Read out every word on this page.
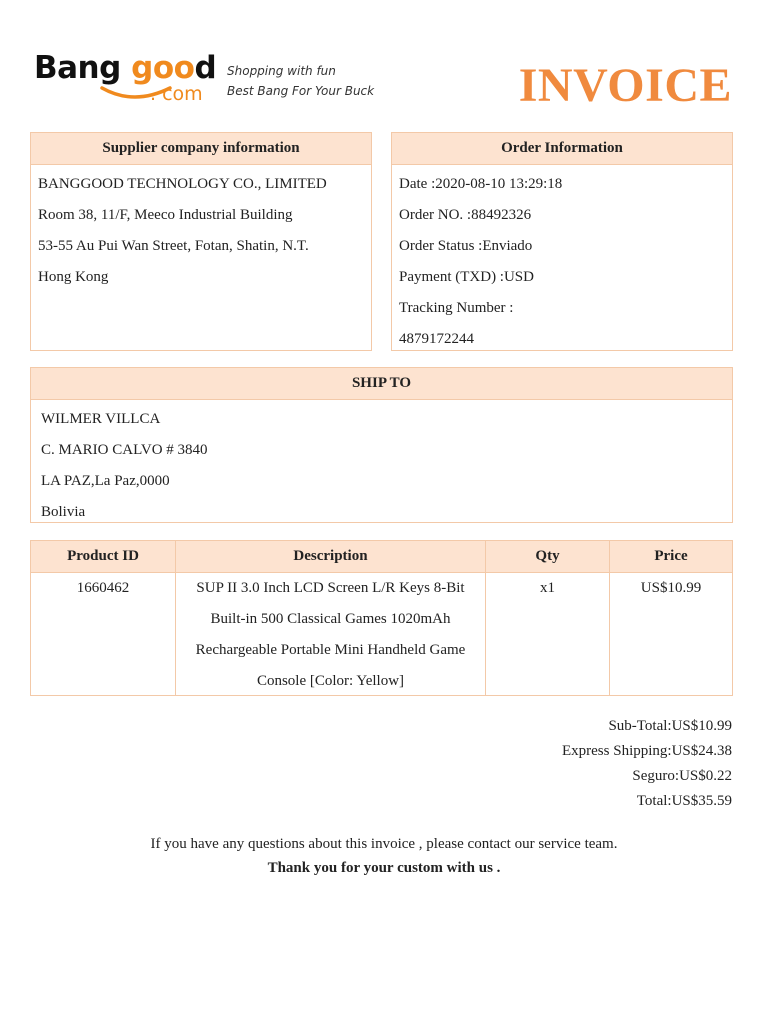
Bang good
. com
Shopping with fun
Best Bang For Your Buck	INVOICE
Supplier company information
BANGGOOD TECHNOLOGY CO., LIMITED
Room 38, 11/F, Meeco Industrial Building
53-55 Au Pui Wan Street, Fotan, Shatin, N.T.
Hong Kong
Order Information
Date :2020-08-10 13:29:18
Order NO. :88492326
Order Status :Enviado
Payment (TXD) :USD
Tracking Number :
4879172244
SHIP TO
WILMER VILLCA
C. MARIO CALVO # 3840
LA PAZ,La Paz,0000
Bolivia
Product ID
1660462
Description
SUP II 3.0 Inch LCD Screen L/R Keys 8-Bit
Built-in 500 Classical Games 1020mAh
Rechargeable Portable Mini Handheld Game
Console [Color: Yellow]
Qty
x1
Price
US$10.99
Sub-Total:US$10.99
Express Shipping:US$24.38
Seguro:US$0.22
Total:US$35.59
If you have any questions about this invoice , please contact our service team.
Thank you for your custom with us .
